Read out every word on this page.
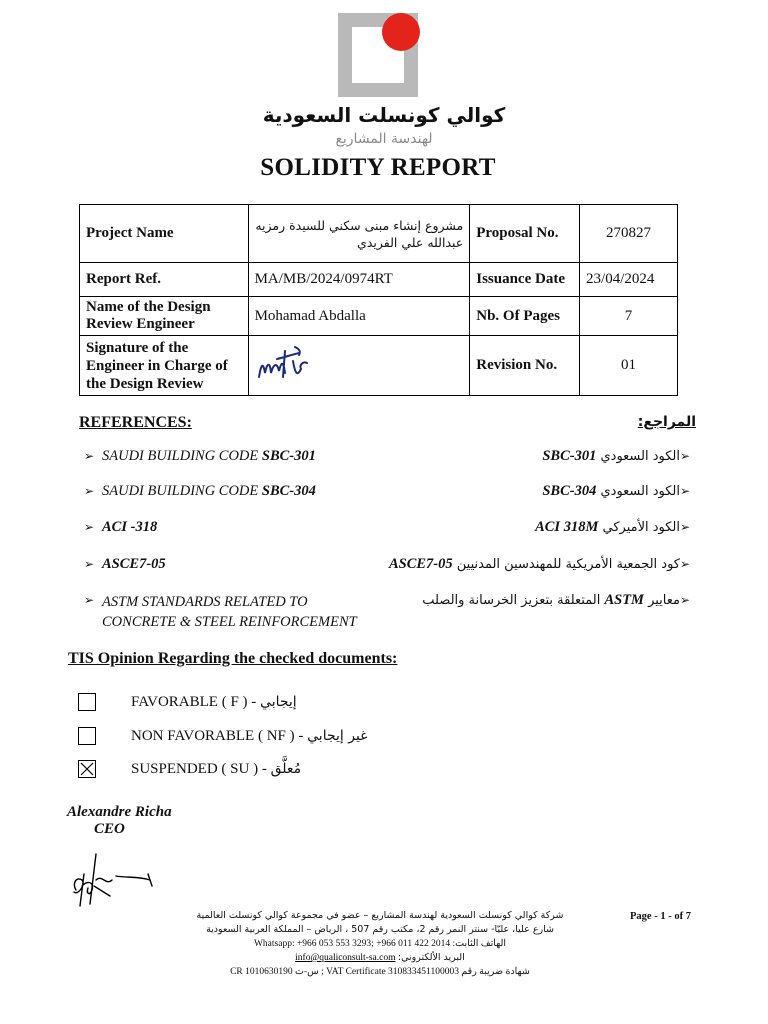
كوالي كونسلت السعودية
لهندسة المشاريع
SOLIDITY REPORT
Project Name	مشروع إنشاء مبنى سكني للسيدة رمزيه عبدالله علي الفريدي	Proposal No.	270827
Report Ref.	MA/MB/2024/0974RT	Issuance Date	23/04/2024
Name of the Design Review Engineer	Mohamad Abdalla	Nb. Of Pages	7
Signature of the Engineer in Charge of the Design Review		Revision No.	01
REFERENCES:	المراجع:
➢ SAUDI BUILDING CODE SBC-301	➢الكود السعودي SBC-301
➢ SAUDI BUILDING CODE SBC-304	➢الكود السعودي SBC-304
➢ ACI -318	➢الكود الأميركي ACI 318M
➢ ASCE7-05	➢كود الجمعية الأمريكية للمهندسين المدنيين ASCE7-05
➢ ASTM STANDARDS RELATED TO CONCRETE & STEEL REINFORCEMENT
➢معايير ASTM المتعلقة بتعزيز الخرسانة والصلب
TIS Opinion Regarding the checked documents:
FAVORABLE ( F ) - إيجابي
NON FAVORABLE ( NF ) - غير إيجابي
SUSPENDED ( SU ) - مُعلَّق
Alexandre Richa
CEO
شركة كوالي كونسلت السعودية لهندسة المشاريع – عضو في مجموعة كوالي كونسلت العالمية
شارع عليا، عليّا- سنتر النمر رقم 2، مكتب رقم 507 ، الرياض – المملكة العربية السعودية
Whatsapp: +966 053 553 3293; +966 011 422 2014 :الهاتف الثابت
info@qualiconsult-sa.com :البريد الألكتروني
CR 1010630190 س-ت ; VAT Certificate 310833451100003 شهادة ضريبة رقم
Page - 1 - of 7
